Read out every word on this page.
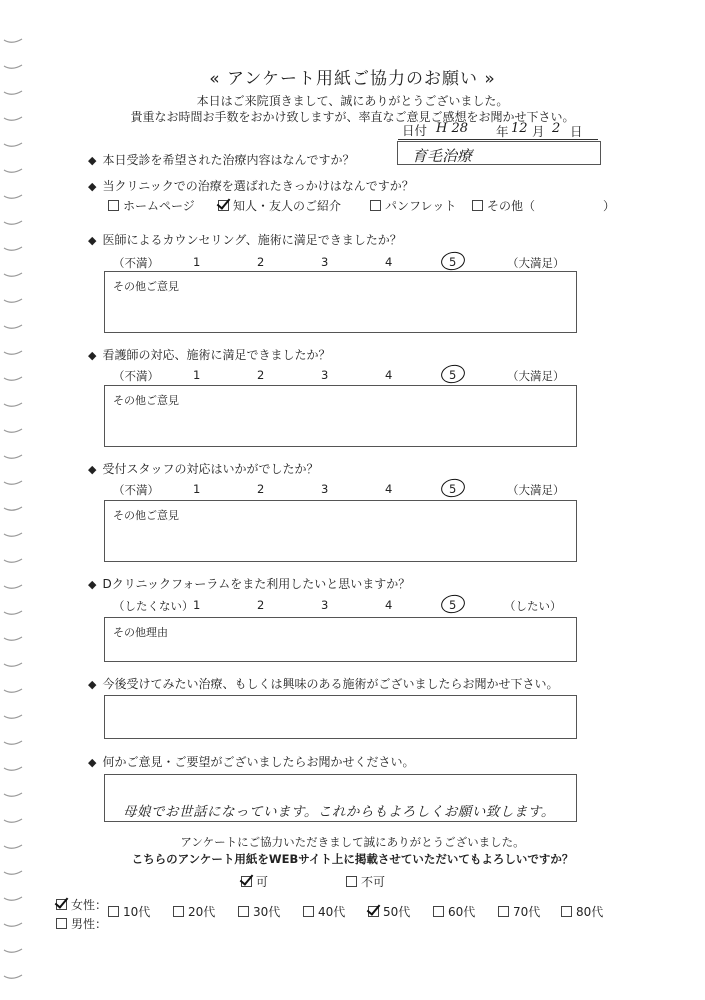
« アンケート用紙ご協力のお願い »
本日はご来院頂きまして、誠にありがとうございました。
貴重なお時間お手数をおかけ致しますが、率直なご意見ご感想をお聞かせ下さい。
日付 H 28 年 12 月 2 日
◆ 本日受診を希望された治療内容はなんですか？	育毛治療
◆ 当クリニックでの治療を選ばれたきっかけはなんですか？
ホームページ	知人・友人のご紹介	パンフレット	その他（	）
◆ 医師によるカウンセリング、施術に満足できましたか？
（不満）	1	2	3	4	5	（大満足）
その他ご意見
◆ 看護師の対応、施術に満足できましたか？
（不満）	1	2	3	4	5	（大満足）
その他ご意見
◆ 受付スタッフの対応はいかがでしたか？
（不満）	1	2	3	4	5	（大満足）
その他ご意見
◆ Dクリニックフォーラムをまた利用したいと思いますか？
（したくない） 1	2	3	4	5	（したい）
その他理由
◆ 今後受けてみたい治療、もしくは興味のある施術がございましたらお聞かせ下さい。
◆ 何かご意見・ご要望がございましたらお聞かせください。
母娘でお世話になっています。これからもよろしくお願い致します。
アンケートにご協力いただきまして誠にありがとうございました。
こちらのアンケート用紙をWEBサイト上に掲載させていただいてもよろしいですか？
可	不可
女性：
男性：
10代	20代	30代	40代	50代	60代	70代	80代
